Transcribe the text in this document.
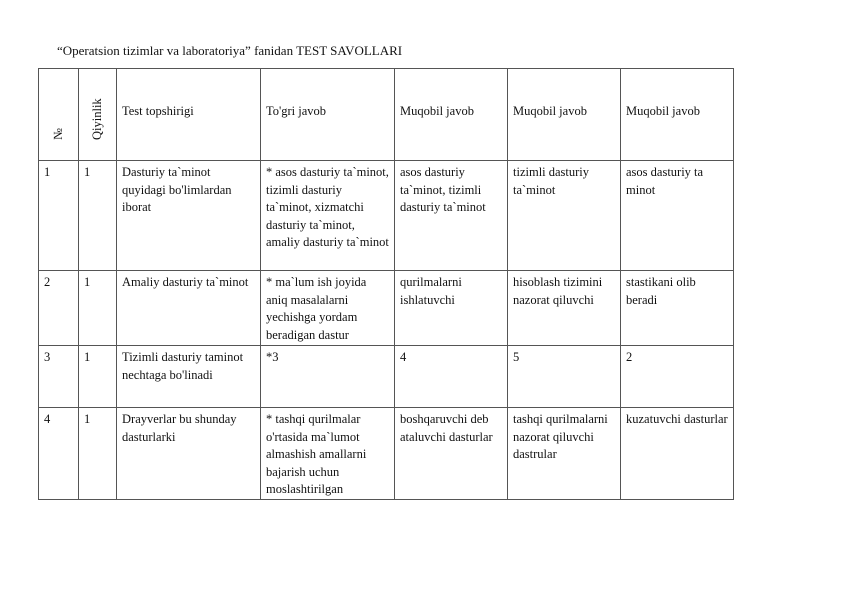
“Operatsion tizimlar va laboratoriya” fanidan TEST SAVOLLARI
№	Qiyinlik	Test topshirigi	To'gri javob	Muqobil javob	Muqobil javob	Muqobil javob
1	1	Dasturiy ta`minot quyidagi bo'limlardan iborat	* asos dasturiy ta`minot, tizimli dasturiy ta`minot, xizmatchi dasturiy ta`minot, amaliy dasturiy ta`minot	asos dasturiy ta`minot, tizimli dasturiy ta`minot	tizimli dasturiy ta`minot	asos dasturiy ta minot
2	1	Amaliy dasturiy ta`minot	* ma`lum ish joyida aniq masalalarni yechishga yordam beradigan dastur	qurilmalarni ishlatuvchi	hisoblash tizimini nazorat qiluvchi	stastikani olib beradi
3	1	Tizimli dasturiy taminot nechtaga bo'linadi	*3	4	5	2
4	1	Drayverlar bu shunday dasturlarki	* tashqi qurilmalar o'rtasida ma`lumot almashish amallarni bajarish uchun moslashtirilgan	boshqaruvchi deb ataluvchi dasturlar	tashqi qurilmalarni nazorat qiluvchi dastrular	kuzatuvchi dasturlar
